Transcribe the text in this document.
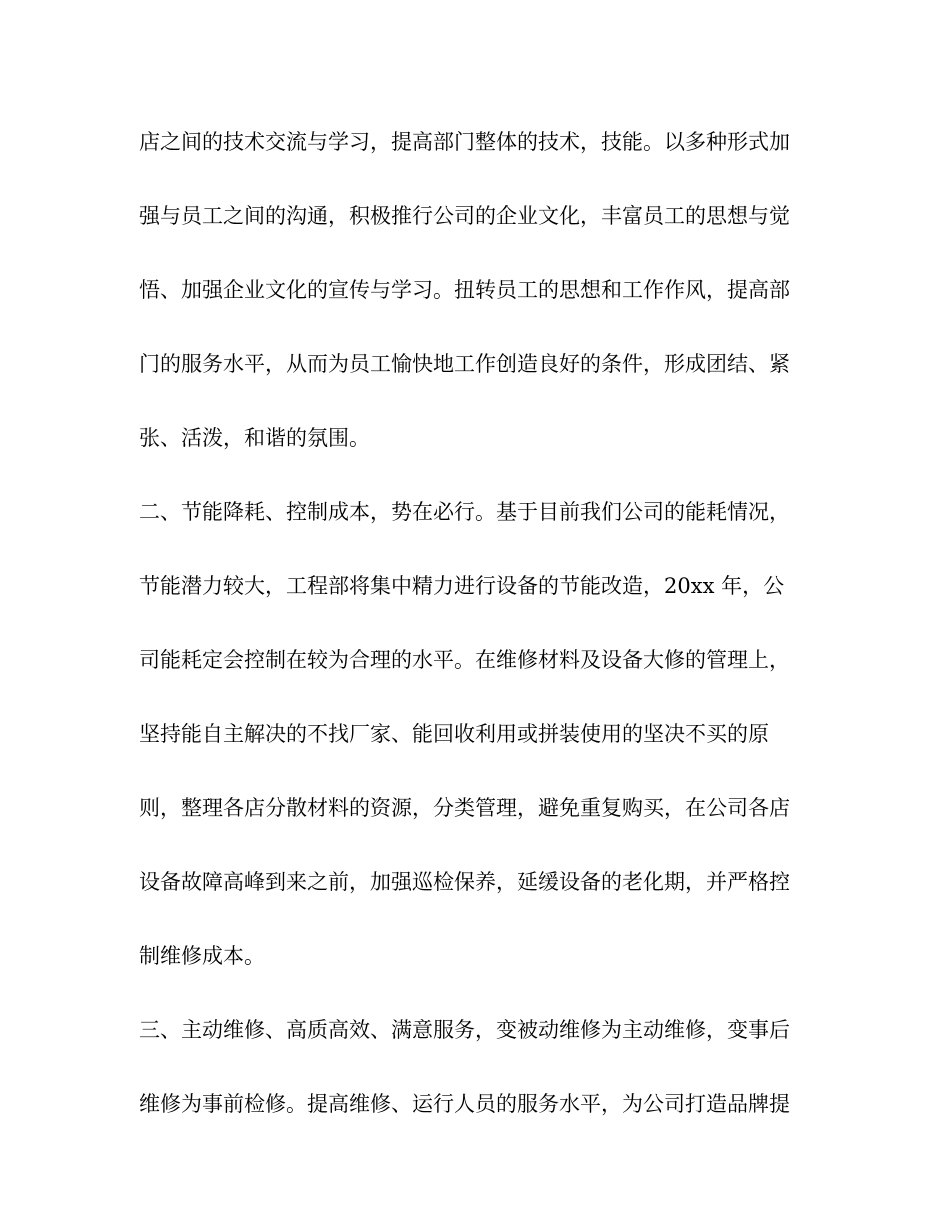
店之间的技术交流与学习，提高部门整体的技术，技能。以多种形式加
强与员工之间的沟通，积极推行公司的企业文化，丰富员工的思想与觉
悟、加强企业文化的宣传与学习。扭转员工的思想和工作作风，提高部
门的服务水平，从而为员工愉快地工作创造良好的条件，形成团结、紧
张、活泼，和谐的氛围。
二、节能降耗、控制成本，势在必行。基于目前我们公司的能耗情况，
节能潜力较大，工程部将集中精力进行设备的节能改造，20xx 年，公
司能耗定会控制在较为合理的水平。在维修材料及设备大修的管理上，
坚持能自主解决的不找厂家、能回收利用或拼装使用的坚决不买的原
则，整理各店分散材料的资源，分类管理，避免重复购买，在公司各店
设备故障高峰到来之前，加强巡检保养，延缓设备的老化期，并严格控
制维修成本。
三、主动维修、高质高效、满意服务，变被动维修为主动维修，变事后
维修为事前检修。提高维修、运行人员的服务水平，为公司打造品牌提
